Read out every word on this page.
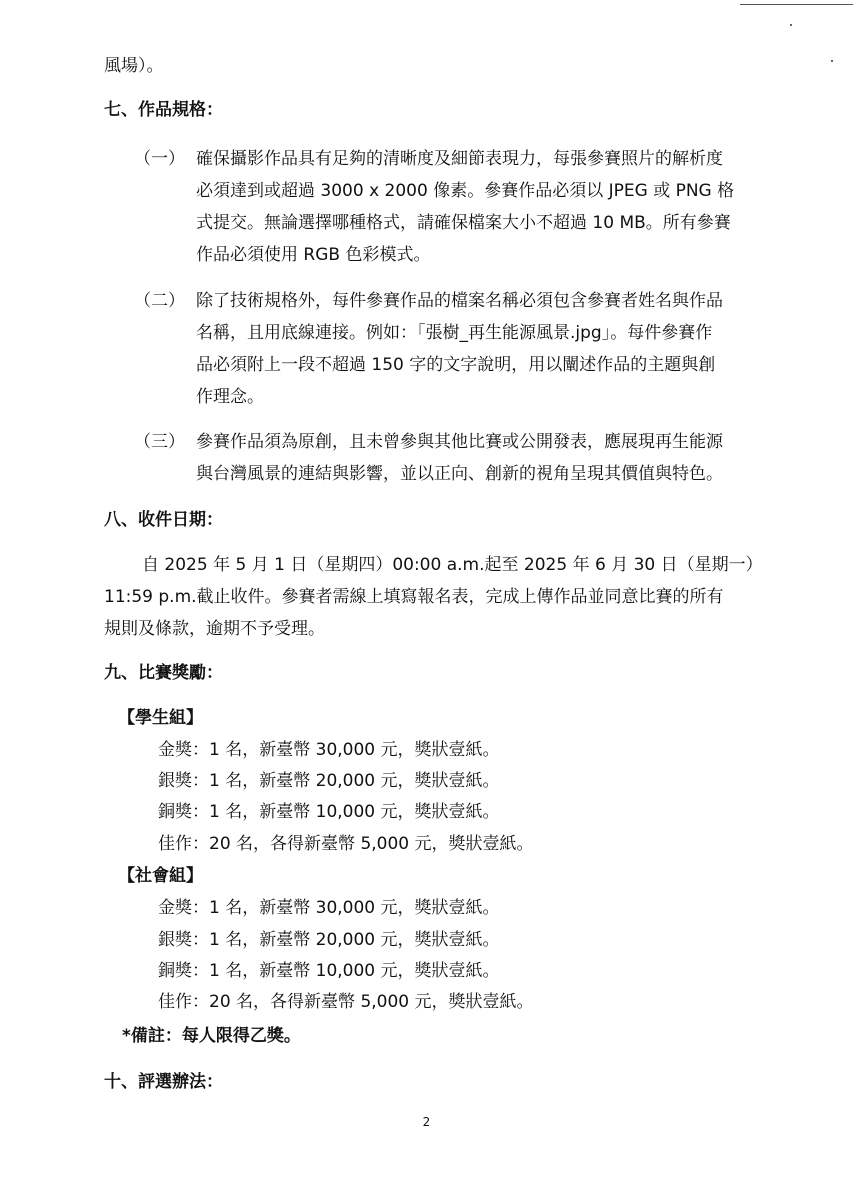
風場）。
七、作品規格：
（一） 確保攝影作品具有足夠的清晰度及細節表現力，每張參賽照片的解析度
必須達到或超過 3000 x 2000 像素。參賽作品必須以 JPEG 或 PNG 格
式提交。無論選擇哪種格式，請確保檔案大小不超過 10 MB。所有參賽
作品必須使用 RGB 色彩模式。
（二） 除了技術規格外，每件參賽作品的檔案名稱必須包含參賽者姓名與作品
名稱，且用底線連接。例如：「張樹_再生能源風景.jpg」。每件參賽作
品必須附上一段不超過 150 字的文字說明，用以闡述作品的主題與創
作理念。
（三） 參賽作品須為原創，且未曾參與其他比賽或公開發表，應展現再生能源
與台灣風景的連結與影響，並以正向、創新的視角呈現其價值與特色。
八、收件日期：
自 2025 年 5 月 1 日（星期四）00:00 a.m.起至 2025 年 6 月 30 日（星期一）
11:59 p.m.截止收件。參賽者需線上填寫報名表，完成上傳作品並同意比賽的所有
規則及條款，逾期不予受理。
九、比賽獎勵：
【學生組】
金獎：1 名，新臺幣 30,000 元，獎狀壹紙。
銀獎：1 名，新臺幣 20,000 元，獎狀壹紙。
銅獎：1 名，新臺幣 10,000 元，獎狀壹紙。
佳作：20 名，各得新臺幣 5,000 元，獎狀壹紙。
【社會組】
金獎：1 名，新臺幣 30,000 元，獎狀壹紙。
銀獎：1 名，新臺幣 20,000 元，獎狀壹紙。
銅獎：1 名，新臺幣 10,000 元，獎狀壹紙。
佳作：20 名，各得新臺幣 5,000 元，獎狀壹紙。
*備註：每人限得乙獎。
十、評選辦法：
2
